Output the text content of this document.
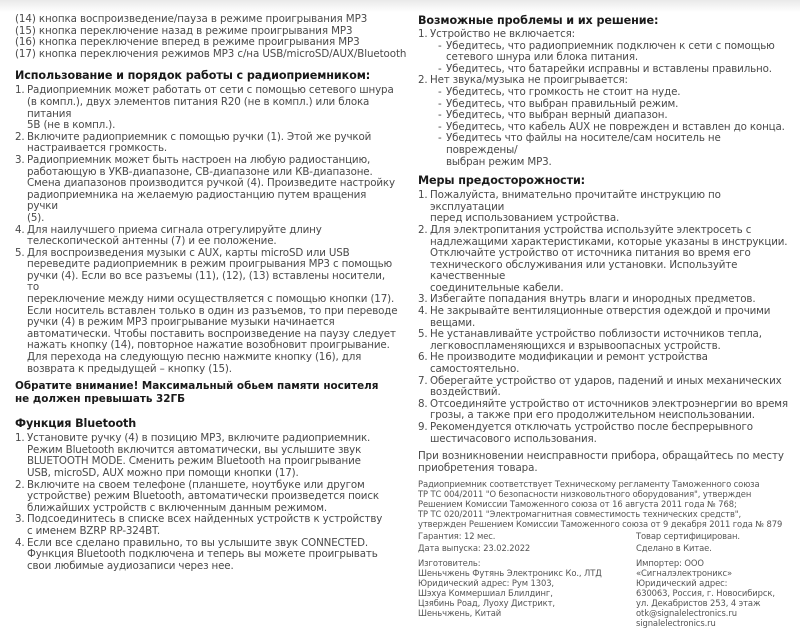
(14) кнопка воспроизведение/пауза в режиме проигрывания MP3
(15) кнопка переключение назад в режиме проигрывания MP3
(16) кнопка переключение вперед в режиме проигрывания MP3
(17) кнопка переключения режимов MP3 с/на USB/microSD/AUX/Bluetooth
Использование и порядок работы с радиоприемником:
1. Радиоприемник может работать от сети с помощью сетевого шнура
(в компл.), двух элементов питания R20 (не в компл.) или блока питания
5В (не в компл.).
2. Включите радиоприемник с помощью ручки (1). Этой же ручкой
настраивается громкость.
3. Радиоприемник может быть настроен на любую радиостанцию,
работающую в УКВ-диапазоне, СВ-диапазоне или КВ-диапазоне.
Смена диапазонов производится ручкой (4). Произведите настройку
радиоприемника на желаемую радиостанцию путем вращения ручки
(5).
4. Для наилучшего приема сигнала отрегулируйте длину
телескопической антенны (7) и ее положение.
5. Для воспроизведения музыки с AUX, карты microSD или USB
переведите радиоприемник в режим проигрывания MP3 с помощью
ручки (4). Если во все разъемы (11), (12), (13) вставлены носители, то
переключение между ними осуществляется с помощью кнопки (17).
Если носитель вставлен только в один из разъемов, то при переводе
ручки (4) в режим MP3 проигрывание музыки начинается
автоматически. Чтобы поставить воспроизведение на паузу следует
нажать кнопку (14), повторное нажатие возобновит проигрывание.
Для перехода на следующую песню нажмите кнопку (16), для
возврата к предыдущей – кнопку (15).
Обратите внимание! Максимальный обьем памяти носителя
не должен превышать 32ГБ
Функция Bluetooth
1. Установите ручку (4) в позицию MP3, включите радиоприемник.
Режим Bluetooth включится автоматически, вы услышите звук
BLUETOOTH MODE. Сменить режим Bluetooth на проигрывание
USB, microSD, AUX можно при помощи кнопки (17).
2. Включите на своем телефоне (планшете, ноутбуке или другом
устройстве) режим Bluetooth, автоматически произведется поиск
ближайших устройств с включенным данным режимом.
3. Подсоединитесь в списке всех найденных устройств к устройству
с именем BZRP RP-324BT.
4. Если все сделано правильно, то вы услышите звук CONNECTED.
Функция Bluetooth подключена и теперь вы можете проигрывать
свои любимые аудиозаписи через нее.
Возможные проблемы и их решение:
1. Устройство не включается:
- Убедитесь, что радиоприемник подключен к сети с помощью
сетевого шнура или блока питания.
- Убедитесь, что батарейки исправны и вставлены правильно.
2. Нет звука/музыка не проигрывается:
- Убедитесь, что громкость не стоит на нуде.
- Убедитесь, что выбран правильный режим.
- Убедитесь, что выбран верный диапазон.
- Убедитесь, что кабель AUX не поврежден и вставлен до конца.
- Убедитесь что файлы на носителе/сам носитель не повреждены/
выбран режим MP3.
Меры предосторожности:
1. Пожалуйста, внимательно прочитайте инструкцию по эксплуатации
перед использованием устройства.
2. Для электропитания устройства используйте электросеть с
надлежащими характеристиками, которые указаны в инструкции.
Отключайте устройство от источника питания во время его
технического обслуживания или установки. Используйте качественные
соединительные кабели.
3. Избегайте попадания внутрь влаги и инородных предметов.
4. Не закрывайте вентиляционные отверстия одеждой и прочими вещами.
5. Не устанавливайте устройство поблизости источников тепла,
легковоспламеняющихся и взрывоопасных устройств.
6. Не производите модификации и ремонт устройства самостоятельно.
7. Оберегайте устройство от ударов, падений и иных механических
воздействий.
8. Отсоединяйте устройство от источников электроэнергии во время
грозы, а также при его продолжительном неиспользовании.
9. Рекомендуется отключать устройство после беспрерывного
шестичасового использования.
При возникновении неисправности прибора, обращайтесь по месту
приобретения товара.
Радиоприемник соответствует Техническому регламенту Таможенного союза
ТР ТС 004/2011 "О безопасности низковольтного оборудования", утвержден
Решением Комиссии Таможенного союза от 16 августа 2011 года № 768;
ТР ТС 020/2011 "Электромагнитная совместимость технических средств",
утвержден Решением Комиссии Таможенного союза от 9 декабря 2011 года № 879
Гарантия: 12 мес.
Дата выпуска: 23.02.2022
Товар сертифицирован.
Сделано в Китае.
Изготовитель:
Шеньчжень Футянь Электроникс Ко., ЛТД
Юридический адрес: Рум 1303,
Шэхуа Коммершиал Блилдинг,
Цзябинь Роад, Луоху Дистрикт,
Шеньчжень, Китай
Импортер: ООО «Сигналэлектроникс»
Юридический адрес:
630063, Россия, г. Новосибирск,
ул. Декабристов 253, 4 этаж
otk@signalelectronics.ru
signalelectronics.ru
